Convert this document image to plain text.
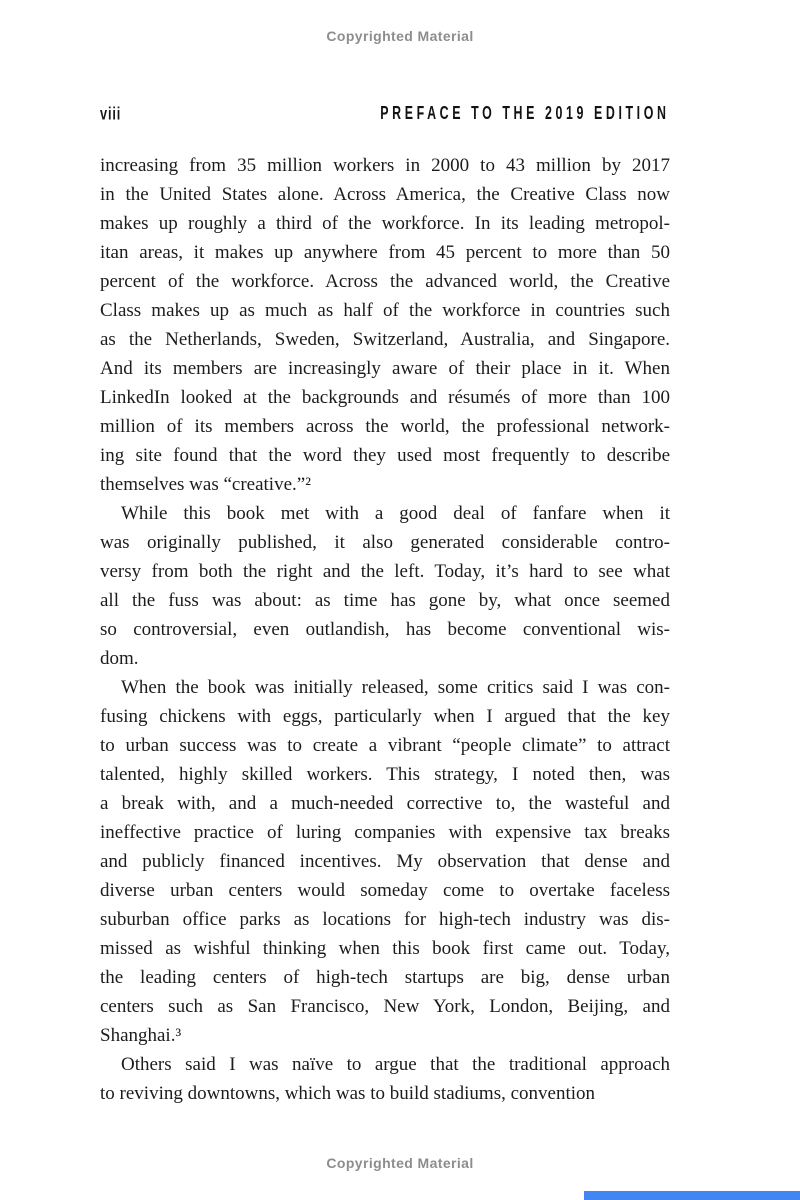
Copyrighted Material
viii	PREFACE TO THE 2019 EDITION
increasing from 35 million workers in 2000 to 43 million by 2017
in the United States alone. Across America, the Creative Class now
makes up roughly a third of the workforce. In its leading metropol-
itan areas, it makes up anywhere from 45 percent to more than 50
percent of the workforce. Across the advanced world, the Creative
Class makes up as much as half of the workforce in countries such
as the Netherlands, Sweden, Switzerland, Australia, and Singapore.
And its members are increasingly aware of their place in it. When
LinkedIn looked at the backgrounds and résumés of more than 100
million of its members across the world, the professional network-
ing site found that the word they used most frequently to describe
themselves was “creative.”²
While this book met with a good deal of fanfare when it
was originally published, it also generated considerable contro-
versy from both the right and the left. Today, it’s hard to see what
all the fuss was about: as time has gone by, what once seemed
so controversial, even outlandish, has become conventional wis-
dom.
When the book was initially released, some critics said I was con-
fusing chickens with eggs, particularly when I argued that the key
to urban success was to create a vibrant “people climate” to attract
talented, highly skilled workers. This strategy, I noted then, was
a break with, and a much-needed corrective to, the wasteful and
ineffective practice of luring companies with expensive tax breaks
and publicly financed incentives. My observation that dense and
diverse urban centers would someday come to overtake faceless
suburban office parks as locations for high-tech industry was dis-
missed as wishful thinking when this book first came out. Today,
the leading centers of high-tech startups are big, dense urban
centers such as San Francisco, New York, London, Beijing, and
Shanghai.³
Others said I was naïve to argue that the traditional approach
to reviving downtowns, which was to build stadiums, convention
Copyrighted Material
